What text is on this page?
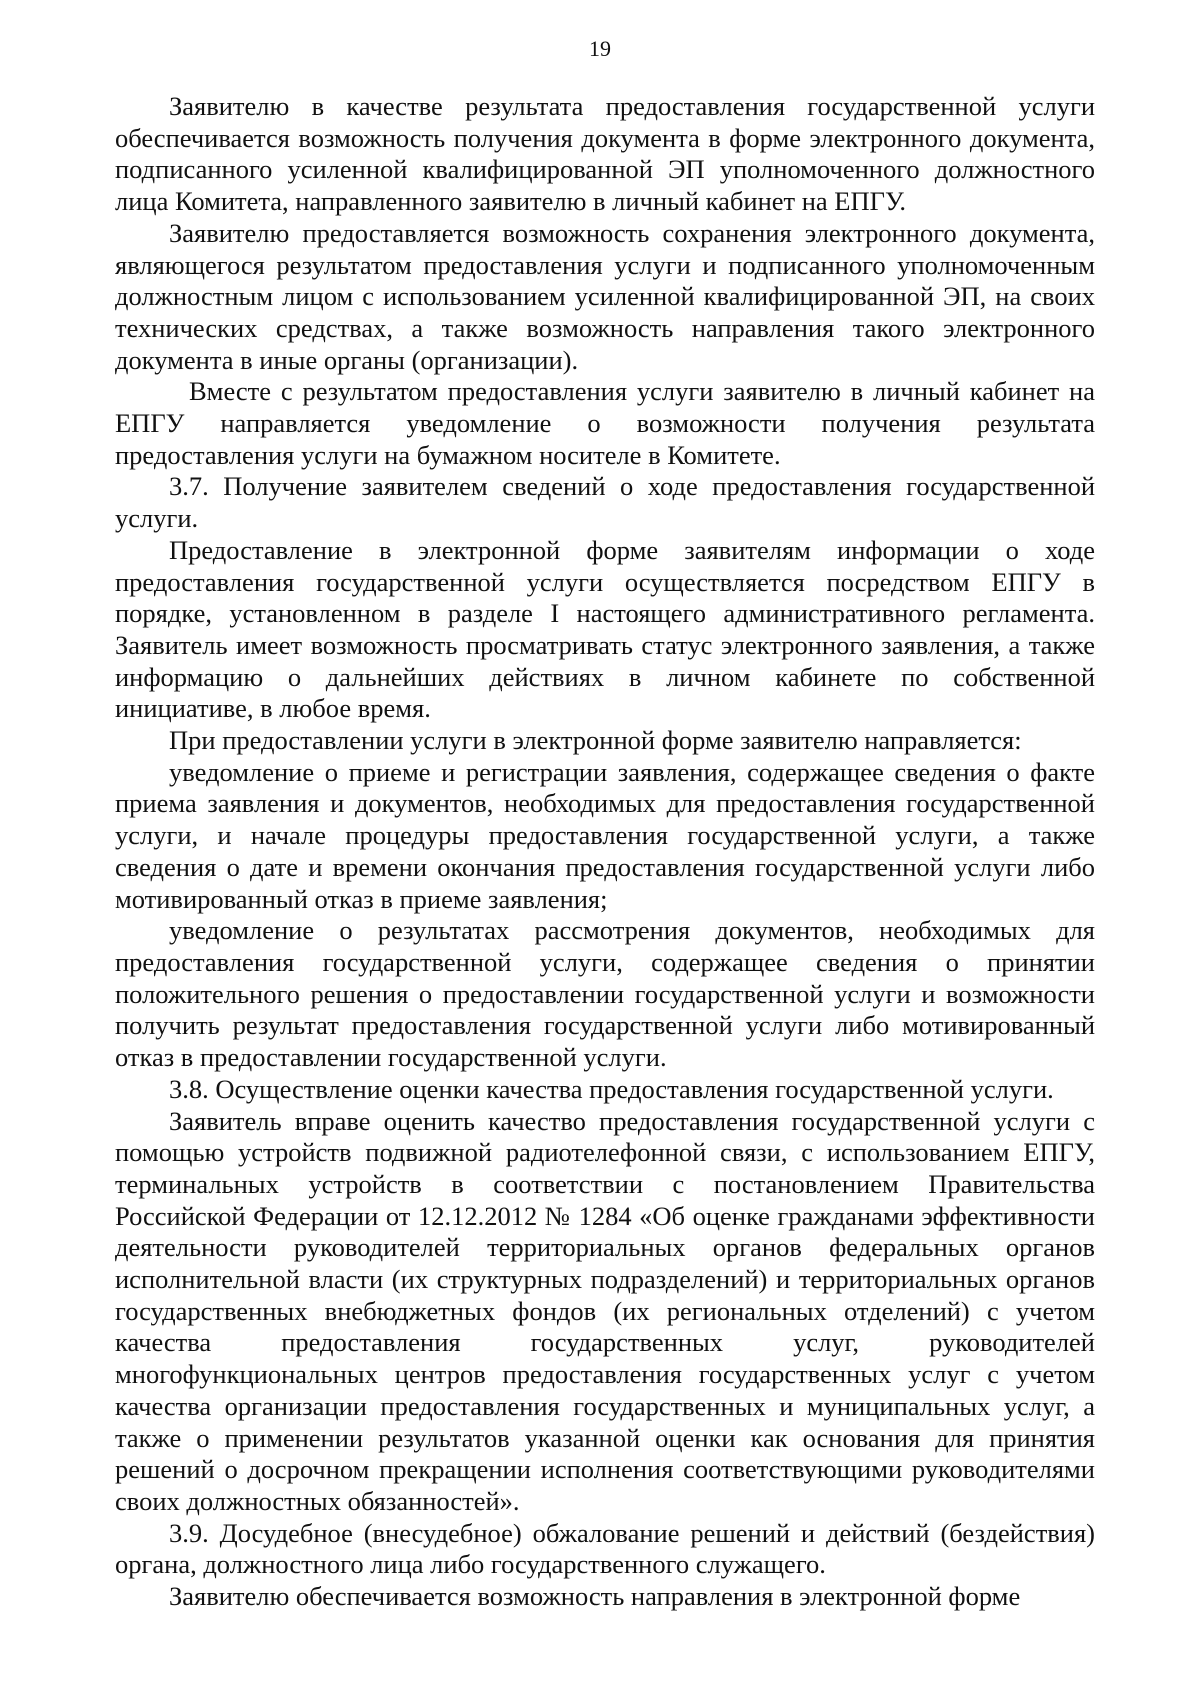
19

Заявителю в качестве результата предоставления государственной услуги обеспечивается возможность получения документа в форме электронного документа, подписанного усиленной квалифицированной ЭП уполномоченного должностного лица Комитета, направленного заявителю в личный кабинет на ЕПГУ.

Заявителю предоставляется возможность сохранения электронного документа, являющегося результатом предоставления услуги и подписанного уполномоченным должностным лицом с использованием усиленной квалифицированной ЭП, на своих технических средствах, а также возможность направления такого электронного документа в иные органы (организации).

Вместе с результатом предоставления услуги заявителю в личный кабинет на ЕПГУ направляется уведомление о возможности получения результата предоставления услуги на бумажном носителе в Комитете.

3.7. Получение заявителем сведений о ходе предоставления государственной услуги.

Предоставление в электронной форме заявителям информации о ходе предоставления государственной услуги осуществляется посредством ЕПГУ в порядке, установленном в разделе I настоящего административного регламента. Заявитель имеет возможность просматривать статус электронного заявления, а также информацию о дальнейших действиях в личном кабинете по собственной инициативе, в любое время.

При предоставлении услуги в электронной форме заявителю направляется:

уведомление о приеме и регистрации заявления, содержащее сведения о факте приема заявления и документов, необходимых для предоставления государственной услуги, и начале процедуры предоставления государственной услуги, а также сведения о дате и времени окончания предоставления государственной услуги либо мотивированный отказ в приеме заявления;

уведомление о результатах рассмотрения документов, необходимых для предоставления государственной услуги, содержащее сведения о принятии положительного решения о предоставлении государственной услуги и возможности получить результат предоставления государственной услуги либо мотивированный отказ в предоставлении государственной услуги.

3.8. Осуществление оценки качества предоставления государственной услуги.

Заявитель вправе оценить качество предоставления государственной услуги с помощью устройств подвижной радиотелефонной связи, с использованием ЕПГУ, терминальных устройств в соответствии с постановлением Правительства Российской Федерации от 12.12.2012 № 1284 «Об оценке гражданами эффективности деятельности руководителей территориальных органов федеральных органов исполнительной власти (их структурных подразделений) и территориальных органов государственных внебюджетных фондов (их региональных отделений) с учетом качества предоставления государственных услуг, руководителей многофункциональных центров предоставления государственных услуг с учетом качества организации предоставления государственных и муниципальных услуг, а также о применении результатов указанной оценки как основания для принятия решений о досрочном прекращении исполнения соответствующими руководителями своих должностных обязанностей».

3.9. Досудебное (внесудебное) обжалование решений и действий (бездействия) органа, должностного лица либо государственного служащего.

Заявителю обеспечивается возможность направления в электронной форме
